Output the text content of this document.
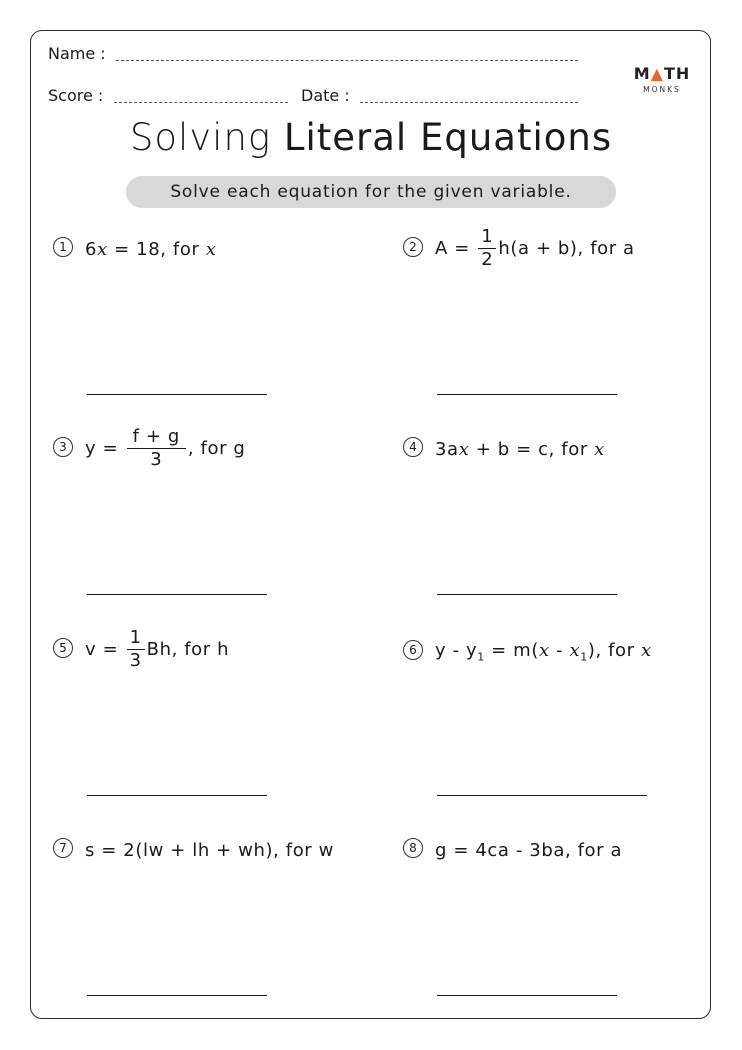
Name :
Score :	Date :
M▲TH
MONKS
Solving Literal Equations
Solve each equation for the given variable.
1 6x = 18, for x	2 $A = \frac{1}{2} h(a + b)$, for a
3 $y = \frac{f + g}{3}$ , for g	4 3ax + b = c, for x
5 $v = \frac{1}{3} Bh$, for h	6 $y - y_1 = m(x - x_1)$, for x
7 s = 2(lw + lh + wh), for w	8 g = 4ca - 3ba, for a
